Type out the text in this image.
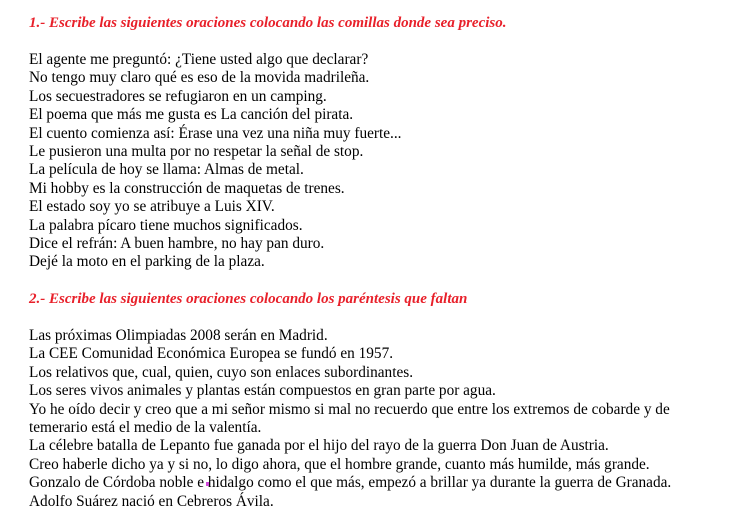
1.- Escribe las siguientes oraciones colocando las comillas donde sea preciso.

El agente me preguntó: ¿Tiene usted algo que declarar?

No tengo muy claro qué es eso de la movida madrileña.

Los secuestradores se refugiaron en un camping.

El poema que más me gusta es La canción del pirata.

El cuento comienza así: Érase una vez una niña muy fuerte...

Le pusieron una multa por no respetar la señal de stop.

La película de hoy se llama: Almas de metal.

Mi hobby es la construcción de maquetas de trenes.

El estado soy yo se atribuye a Luis XIV.

La palabra pícaro tiene muchos significados.

Dice el refrán: A buen hambre, no hay pan duro.

Dejé la moto en el parking de la plaza.

2.- Escribe las siguientes oraciones colocando los paréntesis que faltan

Las próximas Olimpiadas 2008 serán en Madrid.

La CEE Comunidad Económica Europea se fundó en 1957.

Los relativos que, cual, quien, cuyo son enlaces subordinantes.

Los seres vivos animales y plantas están compuestos en gran parte por agua.

Yo he oído decir y creo que a mi señor mismo si mal no recuerdo que entre los extremos de cobarde y de temerario está el medio de la valentía.

La célebre batalla de Lepanto fue ganada por el hijo del rayo de la guerra Don Juan de Austria.

Creo haberle dicho ya y si no, lo digo ahora, que el hombre grande, cuanto más humilde, más grande.

Gonzalo de Córdoba noble e hidalgo como el que más, empezó a brillar ya durante la guerra de Granada.

Adolfo Suárez nació en Cebreros Ávila.
